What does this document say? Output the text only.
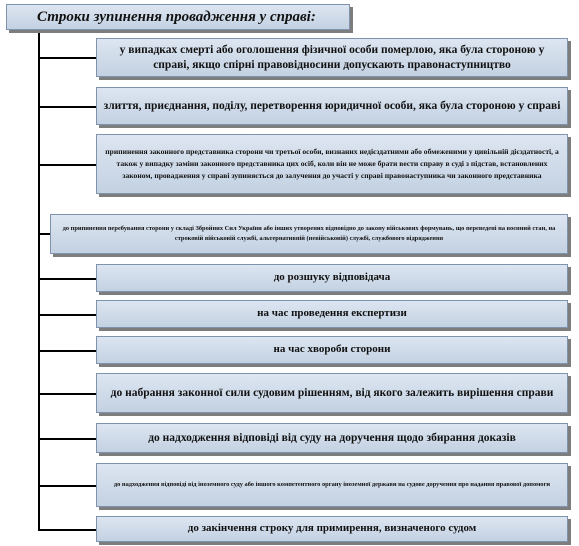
Строки зупинення провадження у справі:
у випадках смерті або оголошення фізичної особи померлою, яка була стороною у справі, якщо спірні правовідносини допускають правонаступництво
злиття, приєднання, поділу, перетворення юридичної особи, яка була стороною у справі
припинення законного представника сторони чи третьої особи, визнаних недієздатними або обмеженими у цивільній дієздатності, а також у випадку заміни законного представника цих осіб, коли він не може брати вести справу в суді з підстав, встановлених законом, провадження у справі зупиняється до залучення до участі у справі правонаступника чи законного представника
до припинення перебування сторони у складі Збройних Сил України або інших утворених відповідно до закону військових формувань, що переведені на воєнний стан, на строковій військовій службі, альтернативній (невійськовій) службі, службового відрядження
до розшуку відповідача
на час проведення експертизи
на час хвороби сторони
до набрання законної сили судовим рішенням, від якого залежить вирішення справи
до надходження відповіді від суду на доручення щодо збирання доказів
до надходження відповіді від іноземного суду або іншого компетентного органу іноземної держави на судове доручення про надання правової допомоги
до закінчення строку для примирення, визначеного судом
